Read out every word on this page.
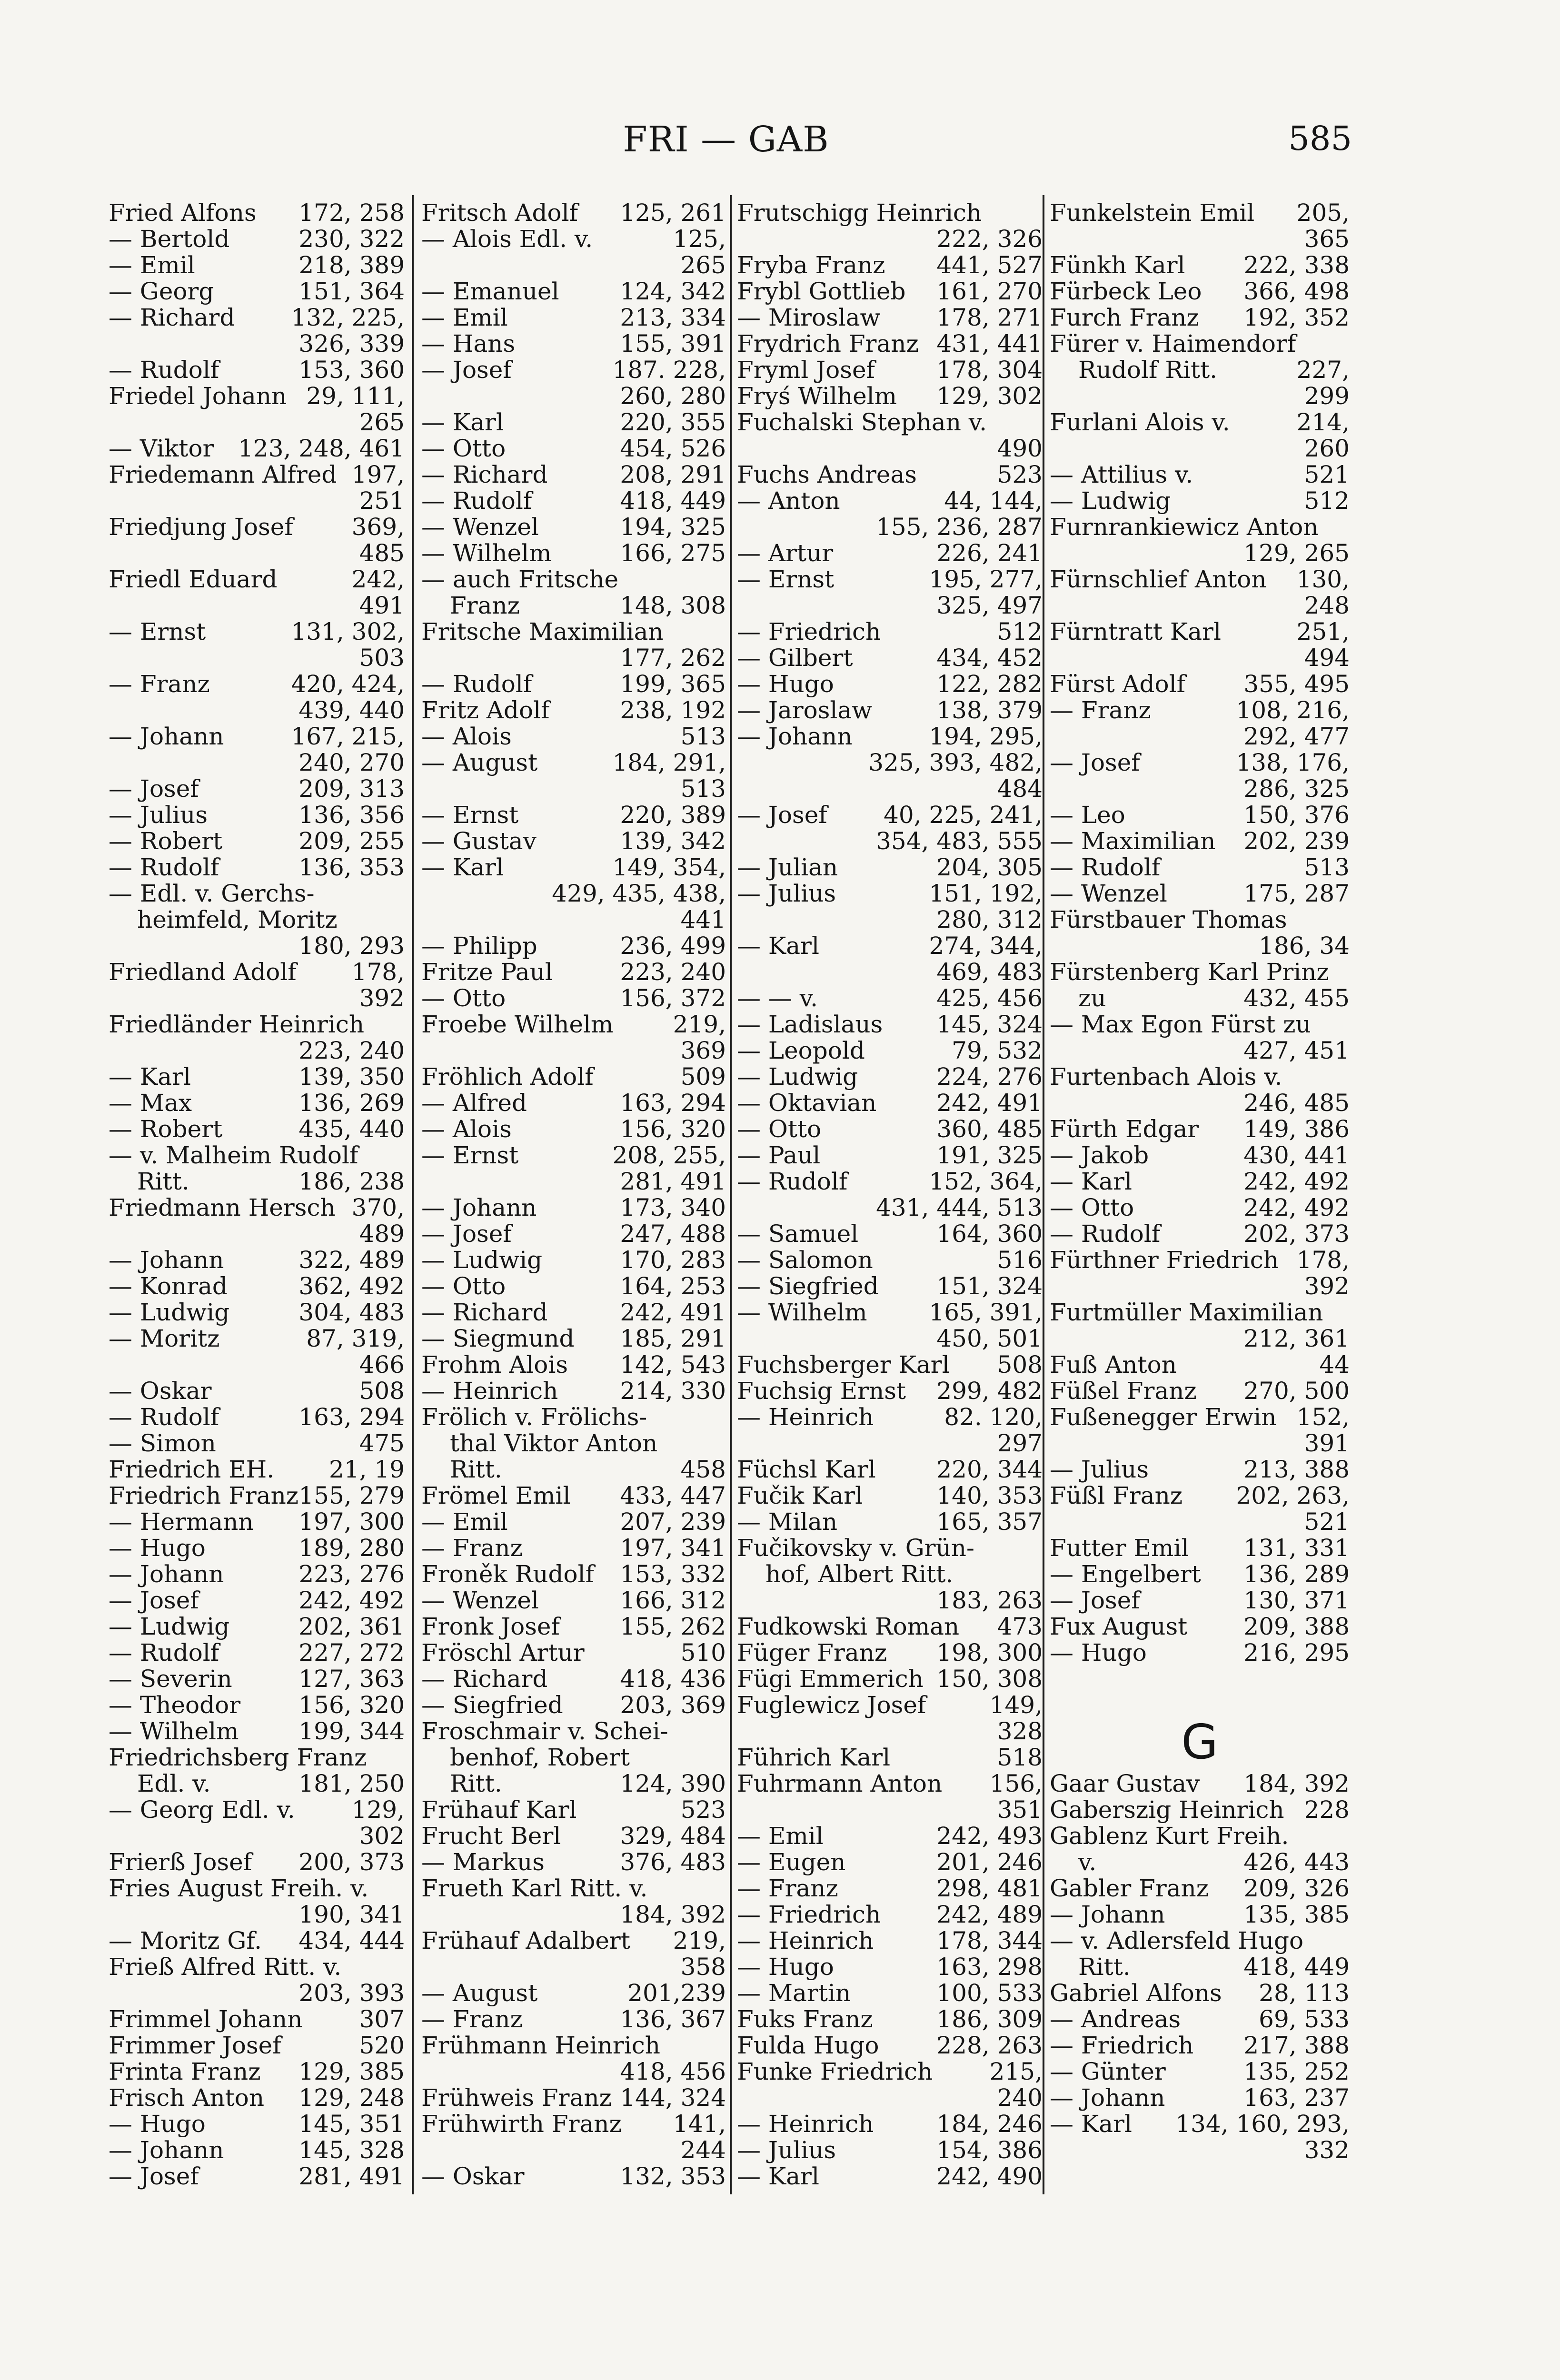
FRI — GAB	585
Fried Alfons 172, 258
— Bertold	230, 322
— Emil	218, 389
— Georg	151, 364
— Richard 132, 225,
326, 339
— Rudolf	153, 360
Friedel Johann 29, 111,
265
— Viktor 123, 248, 461
Friedemann Alfred 197,
251
Friedjung Josef 369,
485
Friedl Eduard	242,
491
— Ernst	131, 302,
503
— Franz	420, 424,
439, 440
— Johann	167, 215,
240, 270
— Josef	209, 313
— Julius	136, 356
— Robert	209, 255
— Rudolf	136, 353
— Edl. v. Gerchs-
heimfeld, Moritz
180, 293
Friedland Adolf 178,
392
Friedländer Heinrich
223, 240
— Karl	139, 350
— Max	136, 269
— Robert	435, 440
— v. Malheim Rudolf
Ritt.	186, 238
Friedmann Hersch 370,
489
— Johann	322, 489
— Konrad	362, 492
— Ludwig	304, 483
— Moritz	87, 319,
466
— Oskar	508
— Rudolf	163, 294
— Simon	475
Friedrich EH. 21, 19
Friedrich Franz 155, 279
— Hermann 197, 300
— Hugo	189, 280
— Johann	223, 276
— Josef	242, 492
— Ludwig	202, 361
— Rudolf	227, 272
— Severin	127, 363
— Theodor 156, 320
— Wilhelm	199, 344
Friedrichsberg Franz
Edl. v.	181, 250
— Georg Edl. v. 129,
302
Frierß Josef 200, 373
Fries August Freih. v.
190, 341
— Moritz Gf. 434, 444
Frieß Alfred Ritt. v.
203, 393
Frimmel Johann 307
Frimmer Josef	520
Frinta Franz 129, 385
Frisch Anton 129, 248
— Hugo	145, 351
— Johann	145, 328
— Josef	281, 491
Fritsch Adolf 125, 261
— Alois Edl. v.	125,
265
— Emanuel	124, 342
— Emil	213, 334
— Hans	155, 391
— Josef	187. 228,
260, 280
— Karl	220, 355
— Otto	454, 526
— Richard	208, 291
— Rudolf	418, 449
— Wenzel	194, 325
— Wilhelm	166, 275
— auch Fritsche
Franz	148, 308
Fritsche Maximilian
177, 262
— Rudolf	199, 365
Fritz Adolf	238, 192
— Alois	513
— August	184, 291,
513
— Ernst	220, 389
— Gustav	139, 342
— Karl	149, 354,
429, 435, 438,
441
— Philipp	236, 499
Fritze Paul	223, 240
— Otto	156, 372
Froebe Wilhelm	219,
369
Fröhlich Adolf	509
— Alfred	163, 294
— Alois	156, 320
— Ernst	208, 255,
281, 491
— Johann	173, 340
— Josef	247, 488
— Ludwig	170, 283
— Otto	164, 253
— Richard	242, 491
— Siegmund 185, 291
Frohm Alois 142, 543
— Heinrich	214, 330
Frölich v. Frölichs-
thal Viktor Anton
Ritt.	458
Frömel Emil 433, 447
— Emil	207, 239
— Franz	197, 341
Froněk Rudolf 153, 332
— Wenzel	166, 312
Fronk Josef	155, 262
Fröschl Artur	510
— Richard	418, 436
— Siegfried 203, 369
Froschmair v. Schei-
benhof, Robert
Ritt.	124, 390
Frühauf Karl	523
Frucht Berl 329, 484
— Markus	376, 483
Frueth Karl Ritt. v.
184, 392
Frühauf Adalbert 219,
358
— August	201,239
— Franz	136, 367
Frühmann Heinrich
418, 456
Frühweis Franz 144, 324
Frühwirth Franz 141,
244
— Oskar	132, 353
Frutschigg Heinrich
222, 326
Fryba Franz 441, 527
Frybl Gottlieb 161, 270
— Miroslaw 178, 271
Frydrich Franz 431, 441
Fryml Josef	178, 304
Fryś Wilhelm 129, 302
Fuchalski Stephan v.
490
Fuchs Andreas	523
— Anton	44, 144,
155, 236, 287
— Artur	226, 241
— Ernst	195, 277,
325, 497
— Friedrich	512
— Gilbert	434, 452
— Hugo	122, 282
— Jaroslaw	138, 379
— Johann	194, 295,
325, 393, 482,
484
— Josef 40, 225, 241,
354, 483, 555
— Julian	204, 305
— Julius	151, 192,
280, 312
— Karl	274, 344,
469, 483
— — v.	425, 456
— Ladislaus 145, 324
— Leopold	79, 532
— Ludwig	224, 276
— Oktavian	242, 491
— Otto	360, 485
— Paul	191, 325
— Rudolf	152, 364,
431, 444, 513
— Samuel	164, 360
— Salomon	516
— Siegfried 151, 324
— Wilhelm	165, 391,
450, 501
Fuchsberger Karl 508
Fuchsig Ernst 299, 482
— Heinrich	82. 120,
297
Füchsl Karl	220, 344
Fučik Karl	140, 353
— Milan	165, 357
Fučikovsky v. Grün-
hof, Albert Ritt.
183, 263
Fudkowski Roman 473
Füger Franz 198, 300
Fügi Emmerich 150, 308
Fuglewicz Josef	149,
328
Führich Karl	518
Fuhrmann Anton 156,
351
— Emil	242, 493
— Eugen	201, 246
— Franz	298, 481
— Friedrich 242, 489
— Heinrich	178, 344
— Hugo	163, 298
— Martin	100, 533
Fuks Franz	186, 309
Fulda Hugo 228, 263
Funke Friedrich 215,
240
— Heinrich	184, 246
— Julius	154, 386
— Karl	242, 490
Funkelstein Emil 205,
365
Fünkh Karl 222, 338
Fürbeck Leo 366, 498
Furch Franz 192, 352
Fürer v. Haimendorf
Rudolf Ritt.	227,
299
Furlani Alois v.	214,
260
— Attilius v.	521
— Ludwig	512
Furnrankiewicz Anton
129, 265
Fürnschlief Anton 130,
248
Fürntratt Karl	251,
494
Fürst Adolf 355, 495
— Franz	108, 216,
292, 477
— Josef	138, 176,
286, 325
— Leo	150, 376
— Maximilian 202, 239
— Rudolf	513
— Wenzel	175, 287
Fürstbauer Thomas
186, 34
Fürstenberg Karl Prinz
zu	432, 455
— Max Egon Fürst zu
427, 451
Furtenbach Alois v.
246, 485
Fürth Edgar 149, 386
— Jakob	430, 441
— Karl	242, 492
— Otto	242, 492
— Rudolf	202, 373
Fürthner Friedrich 178,
392
Furtmüller Maximilian
212, 361
Fuß Anton	44
Füßel Franz 270, 500
Fußenegger Erwin 152,
391
— Julius	213, 388
Füßl Franz 202, 263,
521
Futter Emil 131, 331
— Engelbert 136, 289
— Josef	130, 371
Fux August 209, 388
— Hugo	216, 295
G
Gaar Gustav 184, 392
Gaberszig Heinrich 228
Gablenz Kurt Freih.
v.	426, 443
Gabler Franz 209, 326
— Johann	135, 385
— v. Adlersfeld Hugo
Ritt.	418, 449
Gabriel Alfons 28, 113
— Andreas	69, 533
— Friedrich 217, 388
— Günter	135, 252
— Johann	163, 237
— Karl 134, 160, 293,
332
